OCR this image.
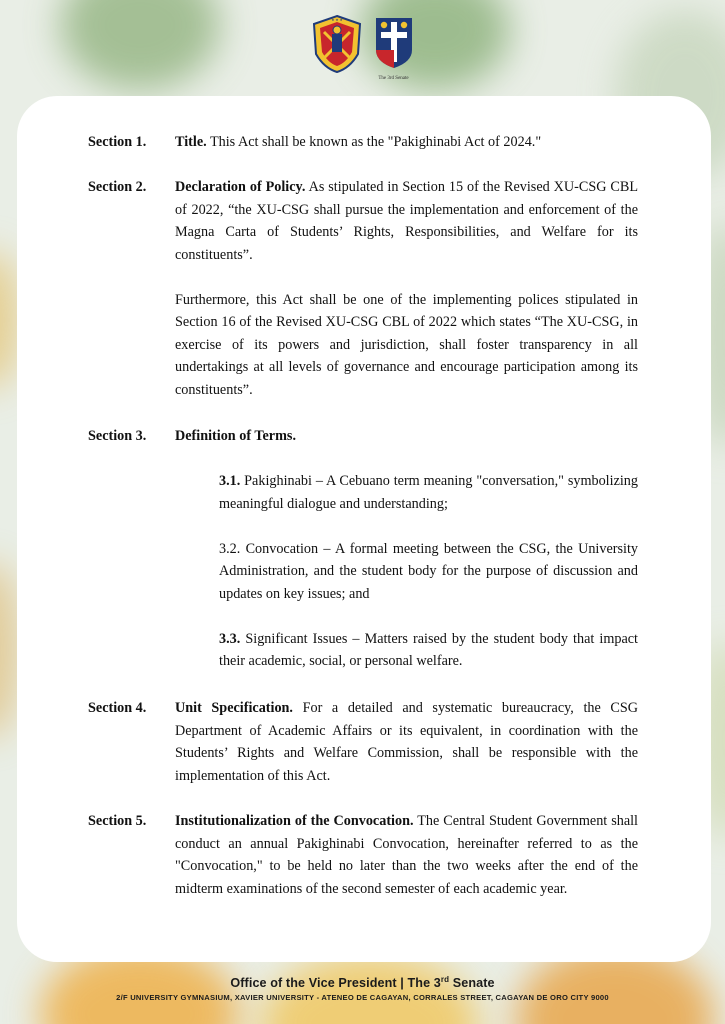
★ ★ ★
The 3rd Senate
Section 1.	Title. This Act shall be known as the "Pakighinabi Act of 2024."

Section 2.	Declaration of Policy. As stipulated in Section 15 of the Revised XU-CSG CBL of 2022, “the XU-CSG shall pursue the implementation and enforcement of the Magna Carta of Students’ Rights, Responsibilities, and Welfare for its constituents”.

Furthermore, this Act shall be one of the implementing polices stipulated in Section 16 of the Revised XU-CSG CBL of 2022 which states “The XU-CSG, in exercise of its powers and jurisdiction, shall foster transparency in all undertakings at all levels of governance and encourage participation among its constituents”.

Section 3.	Definition of Terms.

3.1. Pakighinabi – A Cebuano term meaning "conversation," symbolizing meaningful dialogue and understanding;
3.2. Convocation – A formal meeting between the CSG, the University Administration, and the student body for the purpose of discussion and updates on key issues; and
3.3. Significant Issues – Matters raised by the student body that impact their academic, social, or personal welfare.
Section 4.	Unit Specification. For a detailed and systematic bureaucracy, the CSG Department of Academic Affairs or its equivalent, in coordination with the Students’ Rights and Welfare Commission, shall be responsible with the implementation of this Act.

Section 5.	Institutionalization of the Convocation. The Central Student Government shall conduct an annual Pakighinabi Convocation, hereinafter referred to as the "Convocation," to be held no later than the two weeks after the end of the midterm examinations of the second semester of each academic year.

Office of the Vice President | The 3rd Senate
2/F UNIVERSITY GYMNASIUM, XAVIER UNIVERSITY - ATENEO DE CAGAYAN, CORRALES STREET, CAGAYAN DE ORO CITY 9000
